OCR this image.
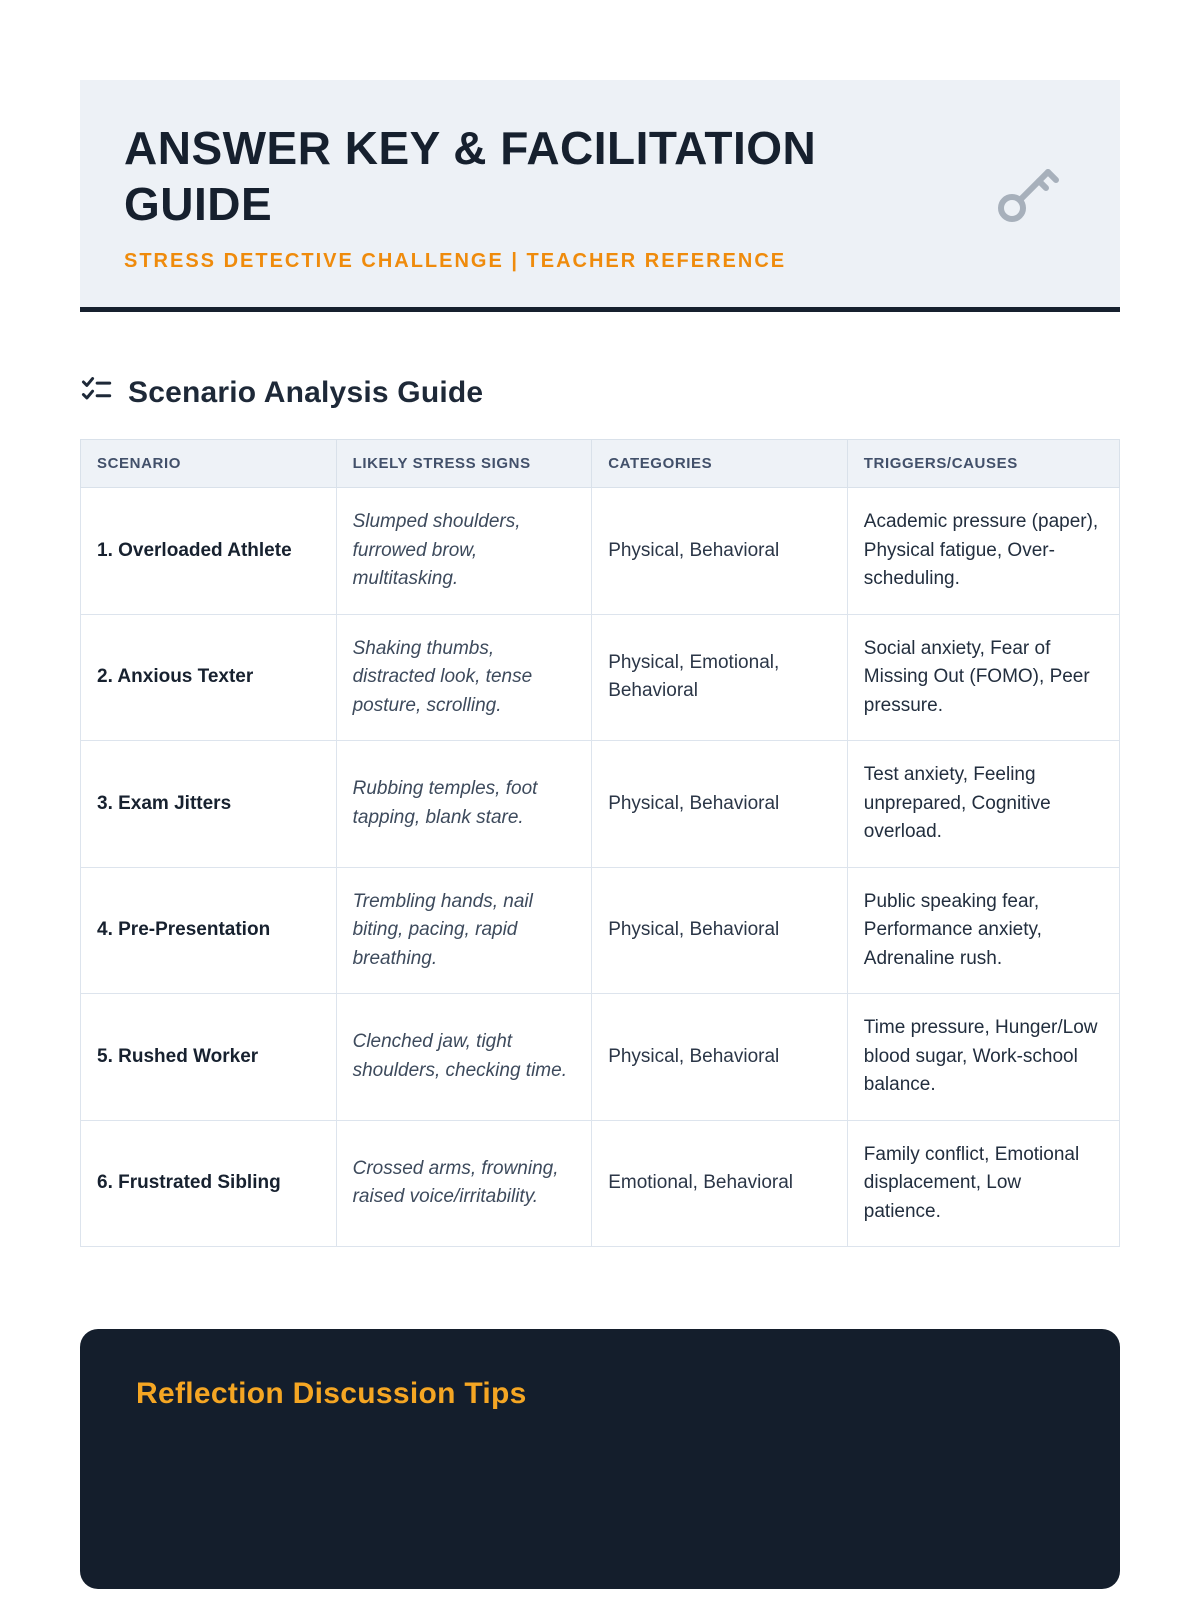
ANSWER KEY & FACILITATION GUIDE
STRESS DETECTIVE CHALLENGE | TEACHER REFERENCE
Scenario Analysis Guide
SCENARIO	LIKELY STRESS SIGNS	CATEGORIES	TRIGGERS/CAUSES
1. Overloaded Athlete	Slumped shoulders, furrowed brow, multitasking.	Physical, Behavioral	Academic pressure (paper), Physical fatigue, Over-scheduling.
2. Anxious Texter	Shaking thumbs, distracted look, tense posture, scrolling.	Physical, Emotional, Behavioral	Social anxiety, Fear of Missing Out (FOMO), Peer pressure.
3. Exam Jitters	Rubbing temples, foot tapping, blank stare.	Physical, Behavioral	Test anxiety, Feeling unprepared, Cognitive overload.
4. Pre-Presentation	Trembling hands, nail biting, pacing, rapid breathing.	Physical, Behavioral	Public speaking fear, Performance anxiety, Adrenaline rush.
5. Rushed Worker	Clenched jaw, tight shoulders, checking time.	Physical, Behavioral	Time pressure, Hunger/Low blood sugar, Work-school balance.
6. Frustrated Sibling	Crossed arms, frowning, raised voice/irritability.	Emotional, Behavioral	Family conflict, Emotional displacement, Low patience.
Reflection Discussion Tips
